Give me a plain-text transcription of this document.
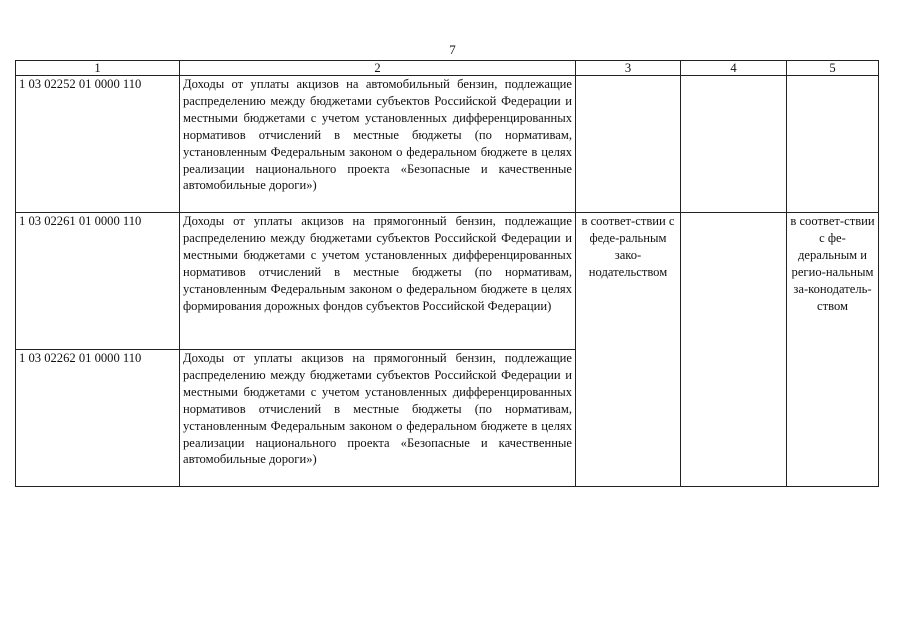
7
1	2	3	4	5
1 03 02252 01 0000 110	Доходы от уплаты акцизов на автомобильный бензин, подлежащие распределению между бюджетами субъектов Российской Федерации и местными бюджетами с учетом установленных дифференцированных нормативов отчислений в местные бюджеты (по нормативам, установленным Федеральным законом о федеральном бюджете в целях реализации национального проекта «Безопасные и качественные автомобильные дороги»)			
1 03 02261 01 0000 110	Доходы от уплаты акцизов на прямогонный бензин, подлежащие распределению между бюджетами субъектов Российской Федерации и местными бюджетами с учетом установленных дифференцированных нормативов отчислений в местные бюджеты (по нормативам, установленным Федеральным законом о федеральном бюджете в целях формирования дорожных фондов субъектов Российской Федерации)	в соответ-ствии с феде-ральным зако-нодательством		в соответ-ствии с фе-деральным и регио-нальным за-конодатель-ством
1 03 02262 01 0000 110	Доходы от уплаты акцизов на прямогонный бензин, подлежащие распределению между бюджетами субъектов Российской Федерации и местными бюджетами с учетом установленных дифференцированных нормативов отчислений в местные бюджеты (по нормативам, установленным Федеральным законом о федеральном бюджете в целях реализации национального проекта «Безопасные и качественные автомобильные дороги»)			
